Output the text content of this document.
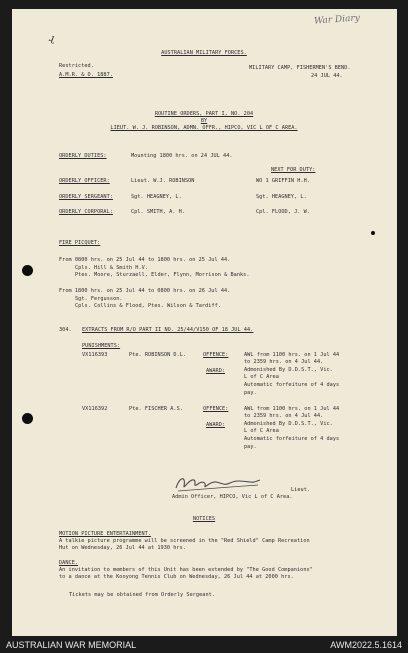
War Diary
ɻ
AUSTRALIAN MILITARY FORCES.
Restricted.
A.M.R. & O. 1887.
MILITARY CAMP, FISHERMEN'S BEND.
24 JUL 44.
ROUTINE ORDERS, PART I, NO. 204
BY
LIEUT. W. J. ROBINSON, ADMN. OFFR., HIPCO, VIC L OF C AREA.
ORDERLY DUTIES:	Mounting 1800 hrs. on 24 JUL 44.
NEXT FOR DUTY:
ORDERLY OFFICER:	Lieut. W.J. ROBINSON	WO 1 GRIFFIN H.H.
ORDERLY SERGEANT:	Sgt. HEAGNEY, L.	Sgt. HEAGNEY, L.
ORDERLY CORPORAL:	Cpl. SMITH, A. H.	Cpl. FLOOD, J. W.
FIRE PICQUET:
From 0800 hrs. on 25 Jul 44 to 1800 hrs. on 25 Jul 44.
Cpls. Hill & Smith H.V.
Ptes. Moore, Sturzaell, Elder, Flynn, Morrison & Banks.
From 1800 hrs. on 25 Jul 44 to 0800 hrs. on 26 Jul 44.
Sgt. Fergusson.
Cpls. Collins & Flood, Ptes. Wilson & Tardiff.
304. EXTRACTS FROM R/O PART II NO. 25/44/V150 OF 18 JUL 44.
PUNISHMENTS:
VX116393	Pte. ROBINSON D.L.	OFFENCE:	AWL from 1100 hrs. on 1 Jul 44
to 2359 hrs. on 4 Jul 44.
AWARD:	Admonished By D.D.S.T., Vic.
L of C Area
Automatic forfeiture of 4 days
pay.
VX116392	Pte. FISCHER A.S.	OFFENCE:	AWL from 1100 hrs. on 1 Jul 44
to 2359 hrs. on 4 Jul 44.
AWARD:	Admonished By D.D.S.T., Vic.
L of C Area
Automatic forfeiture of 4 days
pay.
Lieut.
Admin Officer, HIPCO, Vic L of C Area.
NOTICES
MOTION PICTURE ENTERTAINMENT.
A talkie picture programme will be screened in the "Red Shield" Camp Recreation
Hut on Wednesday, 26 Jul 44 at 1930 hrs.
DANCE.
An invitation to members of this Unit has been extended by "The Good Companions"
to a dance at the Kooyong Tennis Club on Wednesday, 26 Jul 44 at 2000 hrs.
Tickets may be obtained from Orderly Sergeant.
AUSTRALIAN WAR MEMORIAL	AWM2022.5.1614
